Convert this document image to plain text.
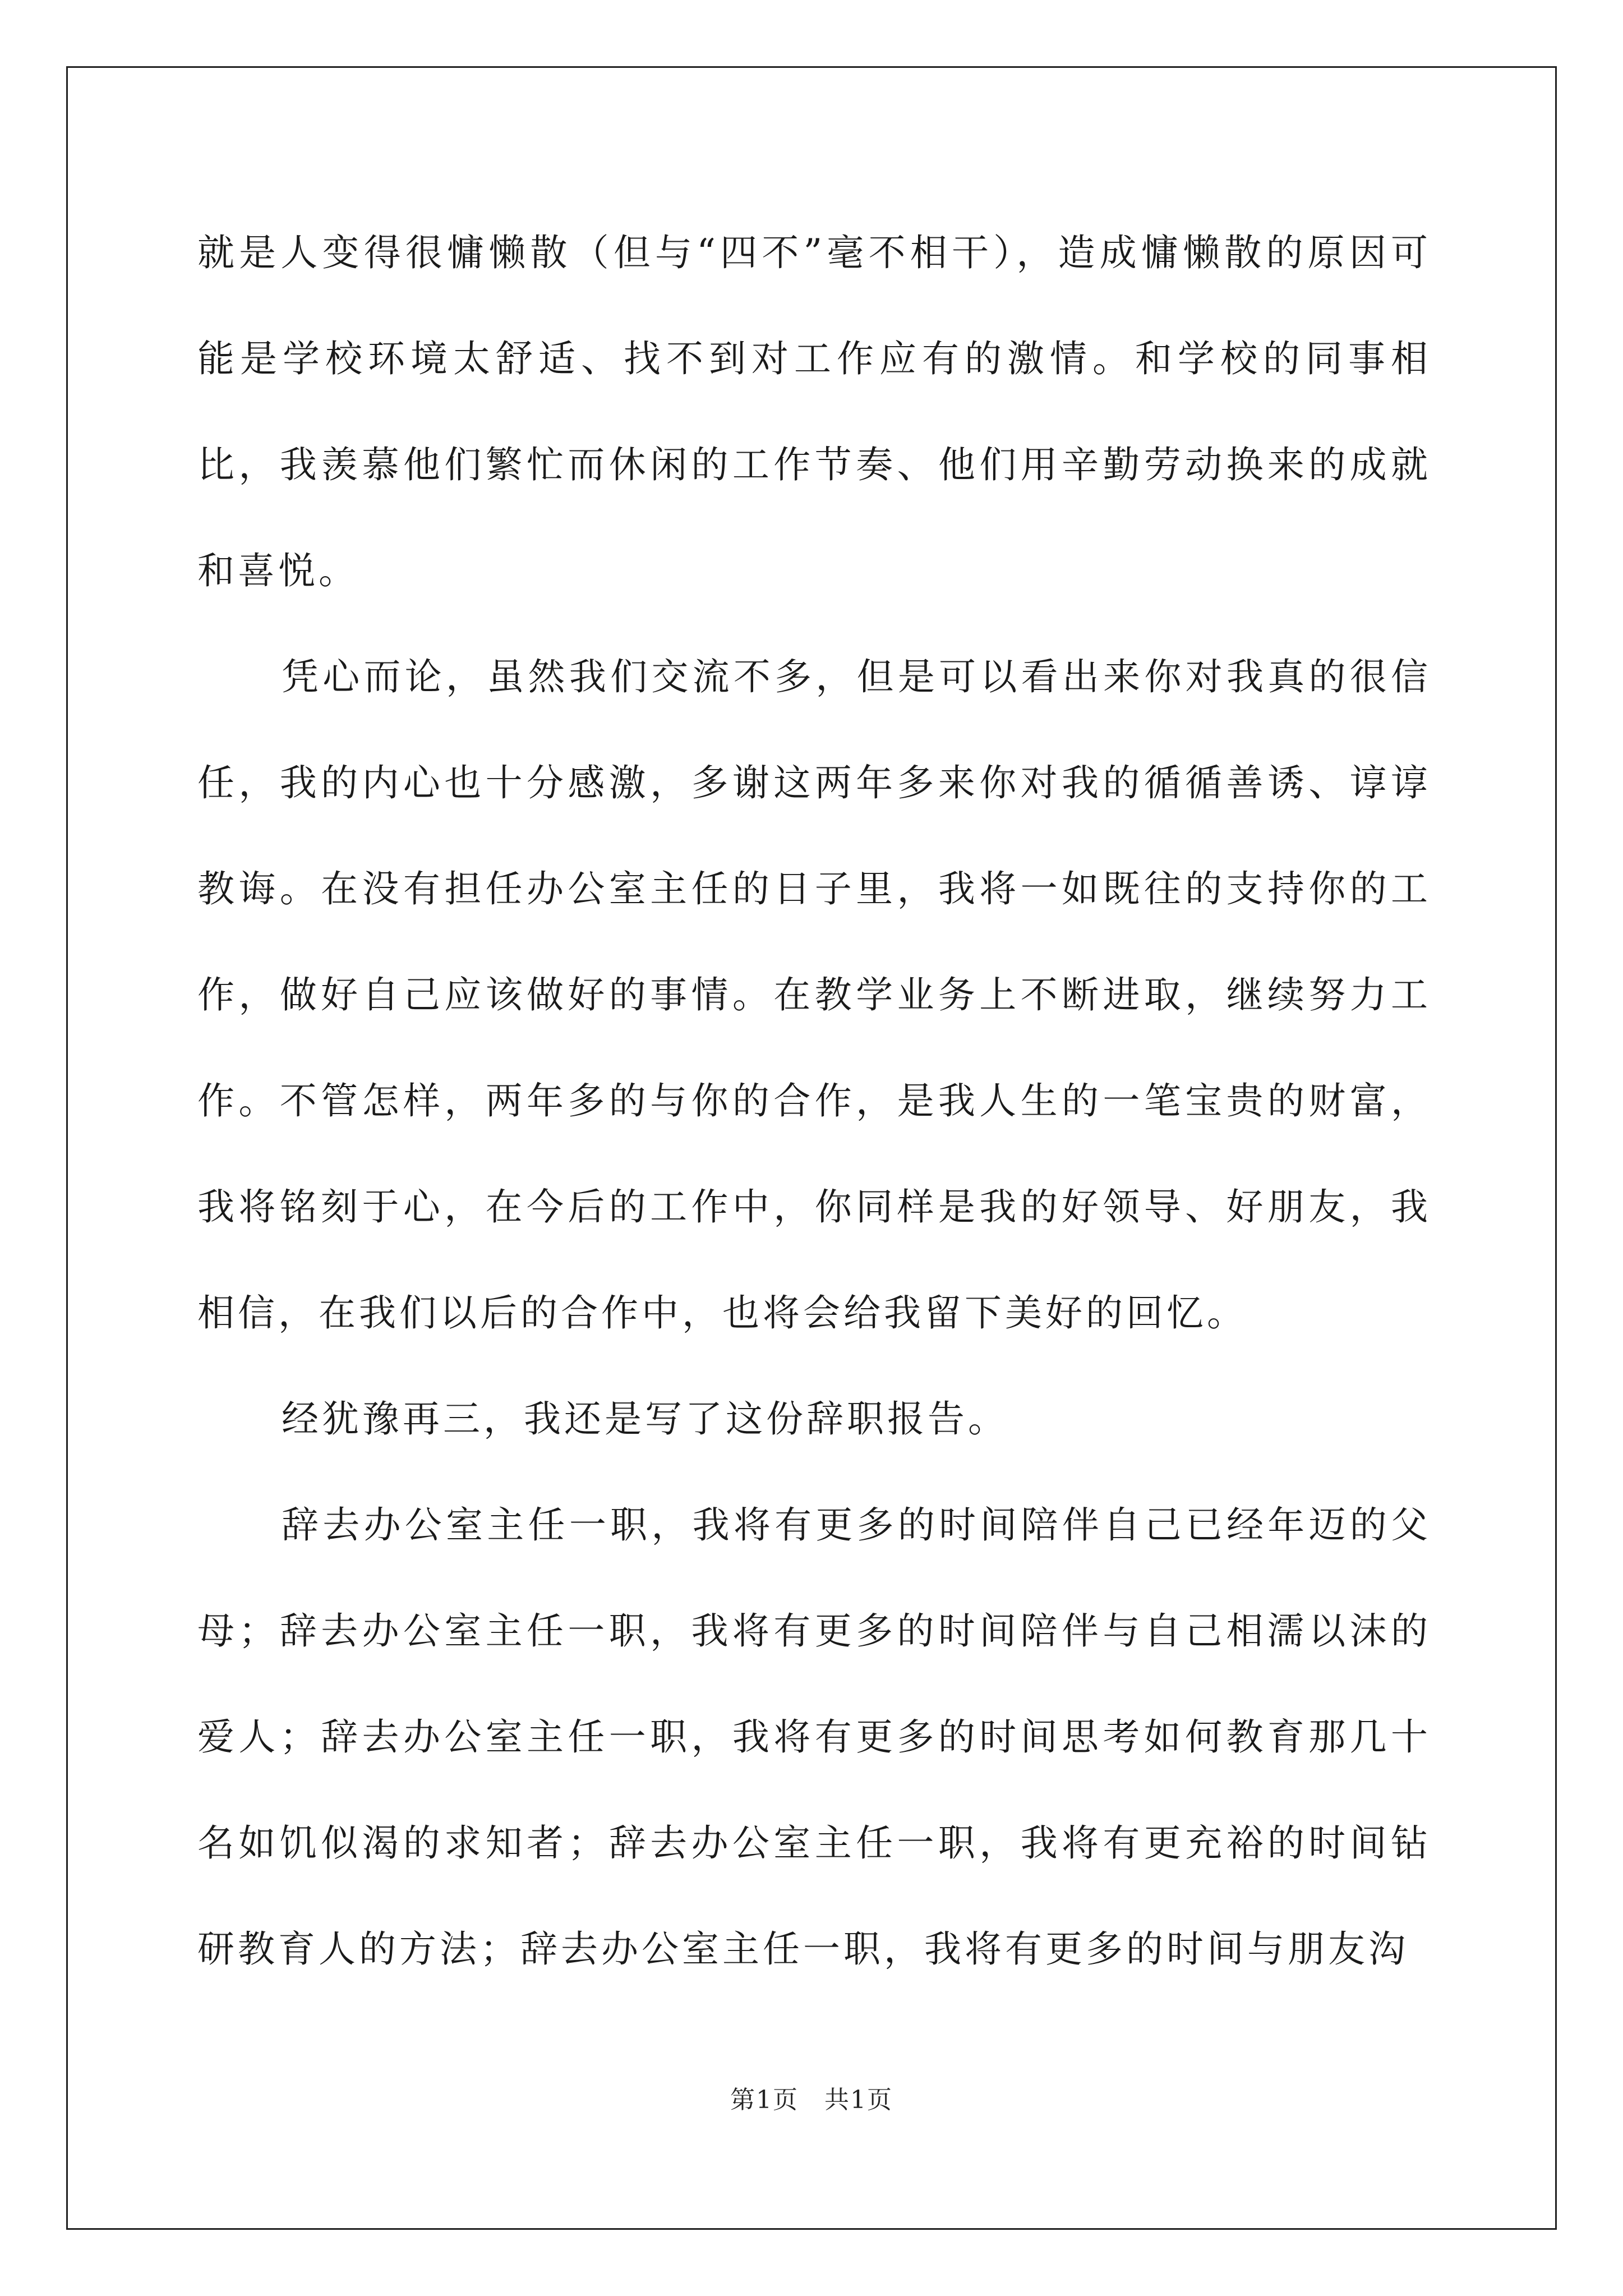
就是人变得很慵懒散（但与“四不”毫不相干），造成慵懒散的原因可能是学校环境太舒适、找不到对工作应有的激情。和学校的同事相比，我羡慕他们繁忙而休闲的工作节奏、他们用辛勤劳动换来的成就和喜悦。

凭心而论，虽然我们交流不多，但是可以看出来你对我真的很信任，我的内心也十分感激，多谢这两年多来你对我的循循善诱、谆谆教诲。在没有担任办公室主任的日子里，我将一如既往的支持你的工作，做好自己应该做好的事情。在教学业务上不断进取，继续努力工作。不管怎样，两年多的与你的合作，是我人生的一笔宝贵的财富，我将铭刻于心，在今后的工作中，你同样是我的好领导、好朋友，我相信，在我们以后的合作中，也将会给我留下美好的回忆。

经犹豫再三，我还是写了这份辞职报告。

辞去办公室主任一职，我将有更多的时间陪伴自己已经年迈的父母；辞去办公室主任一职，我将有更多的时间陪伴与自己相濡以沫的爱人；辞去办公室主任一职，我将有更多的时间思考如何教育那几十名如饥似渴的求知者；辞去办公室主任一职，我将有更充裕的时间钻研教育人的方法；辞去办公室主任一职，我将有更多的时间与朋友沟

第1页　共1页
